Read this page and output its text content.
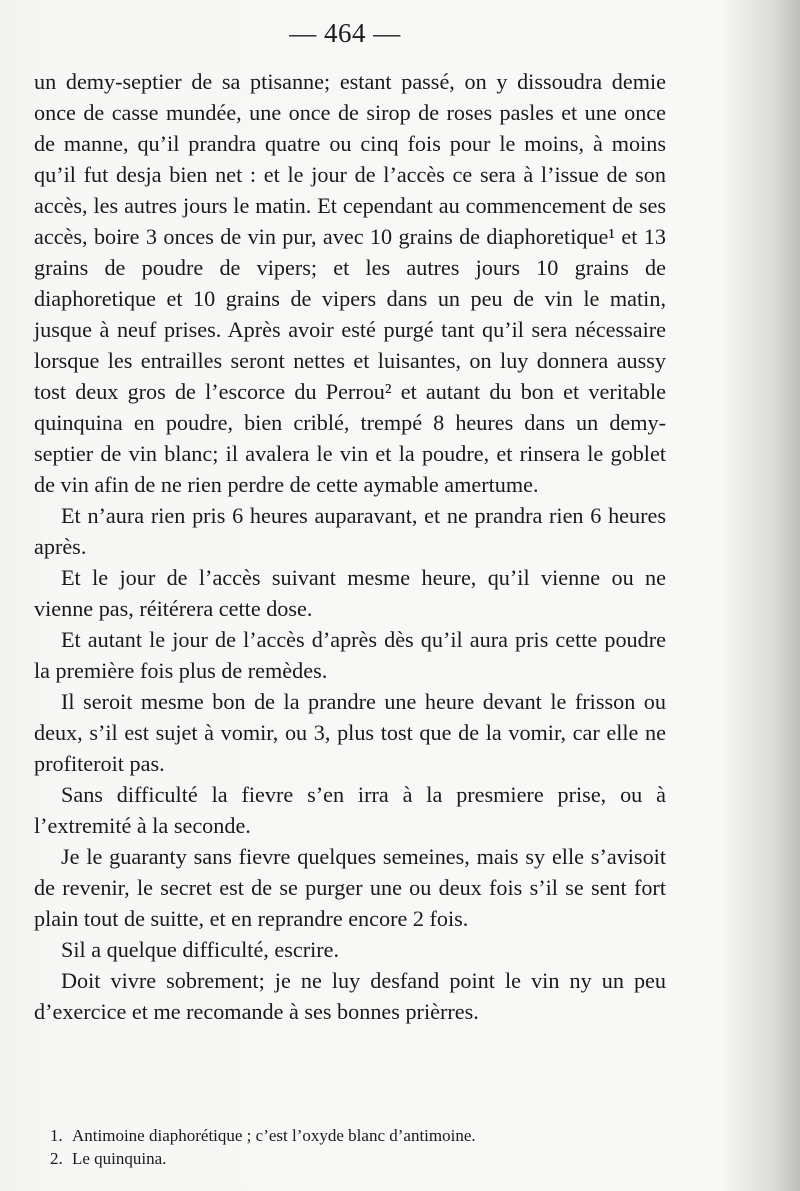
— 464 —

un demy-septier de sa ptisanne; estant passé, on y dissoudra demie once de casse mundée, une once de sirop de roses pasles et une once de manne, qu’il prandra quatre ou cinq fois pour le moins, à moins qu’il fut desja bien net : et le jour de l’accès ce sera à l’issue de son accès, les autres jours le matin. Et cependant au commencement de ses accès, boire 3 onces de vin pur, avec 10 grains de diaphoretique¹ et 13 grains de poudre de vipers; et les autres jours 10 grains de diaphoretique et 10 grains de vipers dans un peu de vin le matin, jusque à neuf prises. Après avoir esté purgé tant qu’il sera nécessaire lorsque les entrailles seront nettes et luisantes, on luy donnera aussy tost deux gros de l’escorce du Perrou² et autant du bon et veritable quinquina en poudre, bien criblé, trempé 8 heures dans un demy-septier de vin blanc; il avalera le vin et la poudre, et rinsera le goblet de vin afin de ne rien perdre de cette aymable amertume.

Et n’aura rien pris 6 heures auparavant, et ne prandra rien 6 heures après.

Et le jour de l’accès suivant mesme heure, qu’il vienne ou ne vienne pas, réitérera cette dose.

Et autant le jour de l’accès d’après dès qu’il aura pris cette poudre la première fois plus de remèdes.

Il seroit mesme bon de la prandre une heure devant le frisson ou deux, s’il est sujet à vomir, ou 3, plus tost que de la vomir, car elle ne profiteroit pas.

Sans difficulté la fievre s’en irra à la presmiere prise, ou à l’extremité à la seconde.

Je le guaranty sans fievre quelques semeines, mais sy elle s’avisoit de revenir, le secret est de se purger une ou deux fois s’il se sent fort plain tout de suitte, et en reprandre encore 2 fois.

Sil a quelque difficulté, escrire.

Doit vivre sobrement; je ne luy desfand point le vin ny un peu d’exercice et me recomande à ses bonnes prièrres.

1. Antimoine diaphorétique ; c’est l’oxyde blanc d’antimoine.

2. Le quinquina.
